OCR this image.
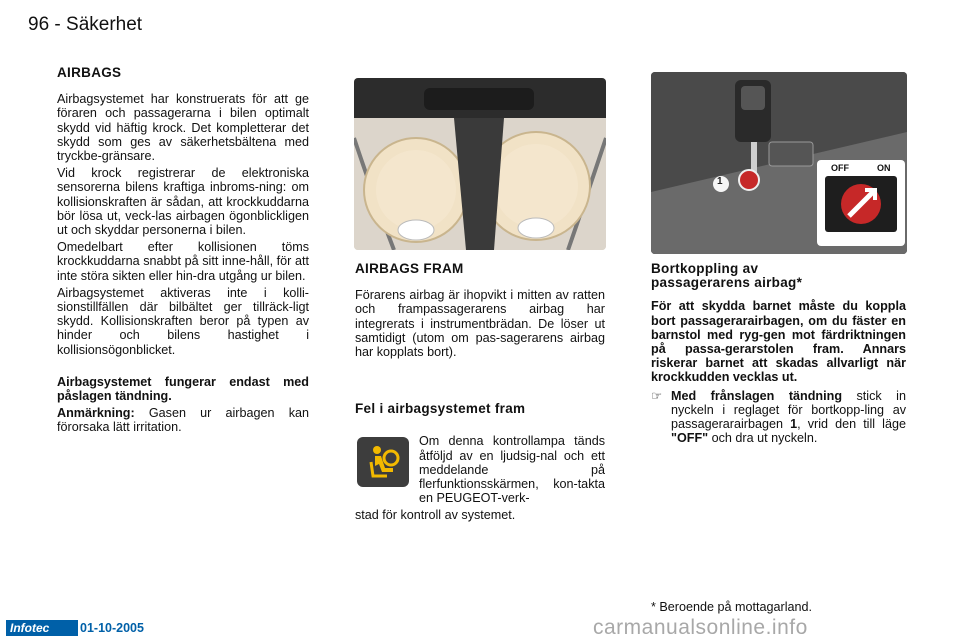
96 - Säkerhet
AIRBAGS

Airbagsystemet har konstruerats för att ge föraren och passagerarna i bilen optimalt skydd vid häftig krock. Det kompletterar det skydd som ges av säkerhetsbältena med tryckbe-gränsare.

Vid krock registrerar de elektroniska sensorerna bilens kraftiga inbroms-ning: om kollisionskraften är sådan, att krockkuddarna bör lösa ut, veck-las airbagen ögonblickligen ut och skyddar personerna i bilen.

Omedelbart efter kollisionen töms krockkuddarna snabbt på sitt inne-håll, för att inte störa sikten eller hin-dra utgång ur bilen.

Airbagsystemet aktiveras inte i kolli-sionstillfällen där bilbältet ger tillräck-ligt skydd. Kollisionskraften beror på typen av hinder och bilens hastighet i kollisionsögonblicket.

Airbagsystemet fungerar endast med påslagen tändning.

Anmärkning: Gasen ur airbagen kan förorsaka lätt irritation.

AIRBAGS FRAM

Förarens airbag är ihopvikt i mitten av ratten och frampassagerarens airbag har integrerats i instrumentbrädan. De löser ut samtidigt (utom om pas-sagerarens airbag har kopplats bort).

Fel i airbagsystemet fram

Om denna kontrollampa tänds åtföljd av en ljudsig-nal och ett meddelande på flerfunktionsskärmen, kon-takta en PEUGEOT-verk-

stad för kontroll av systemet.

OFF	ON
AIRBAG PASS
1
Bortkoppling av
passagerarens airbag*

För att skydda barnet måste du koppla bort passagerarairbagen, om du fäster en barnstol med ryg-gen mot färdriktningen på passa-gerarstolen fram. Annars riskerar barnet att skadas allvarligt när krockkudden vecklas ut.

☞ Med frånslagen tändning stick in nyckeln i reglaget för bortkopp-ling av passagerarairbagen 1, vrid den till läge "OFF" och dra ut nyckeln.

* Beroende på mottagarland.
Infotec	01-10-2005	carmanualsonline.info
